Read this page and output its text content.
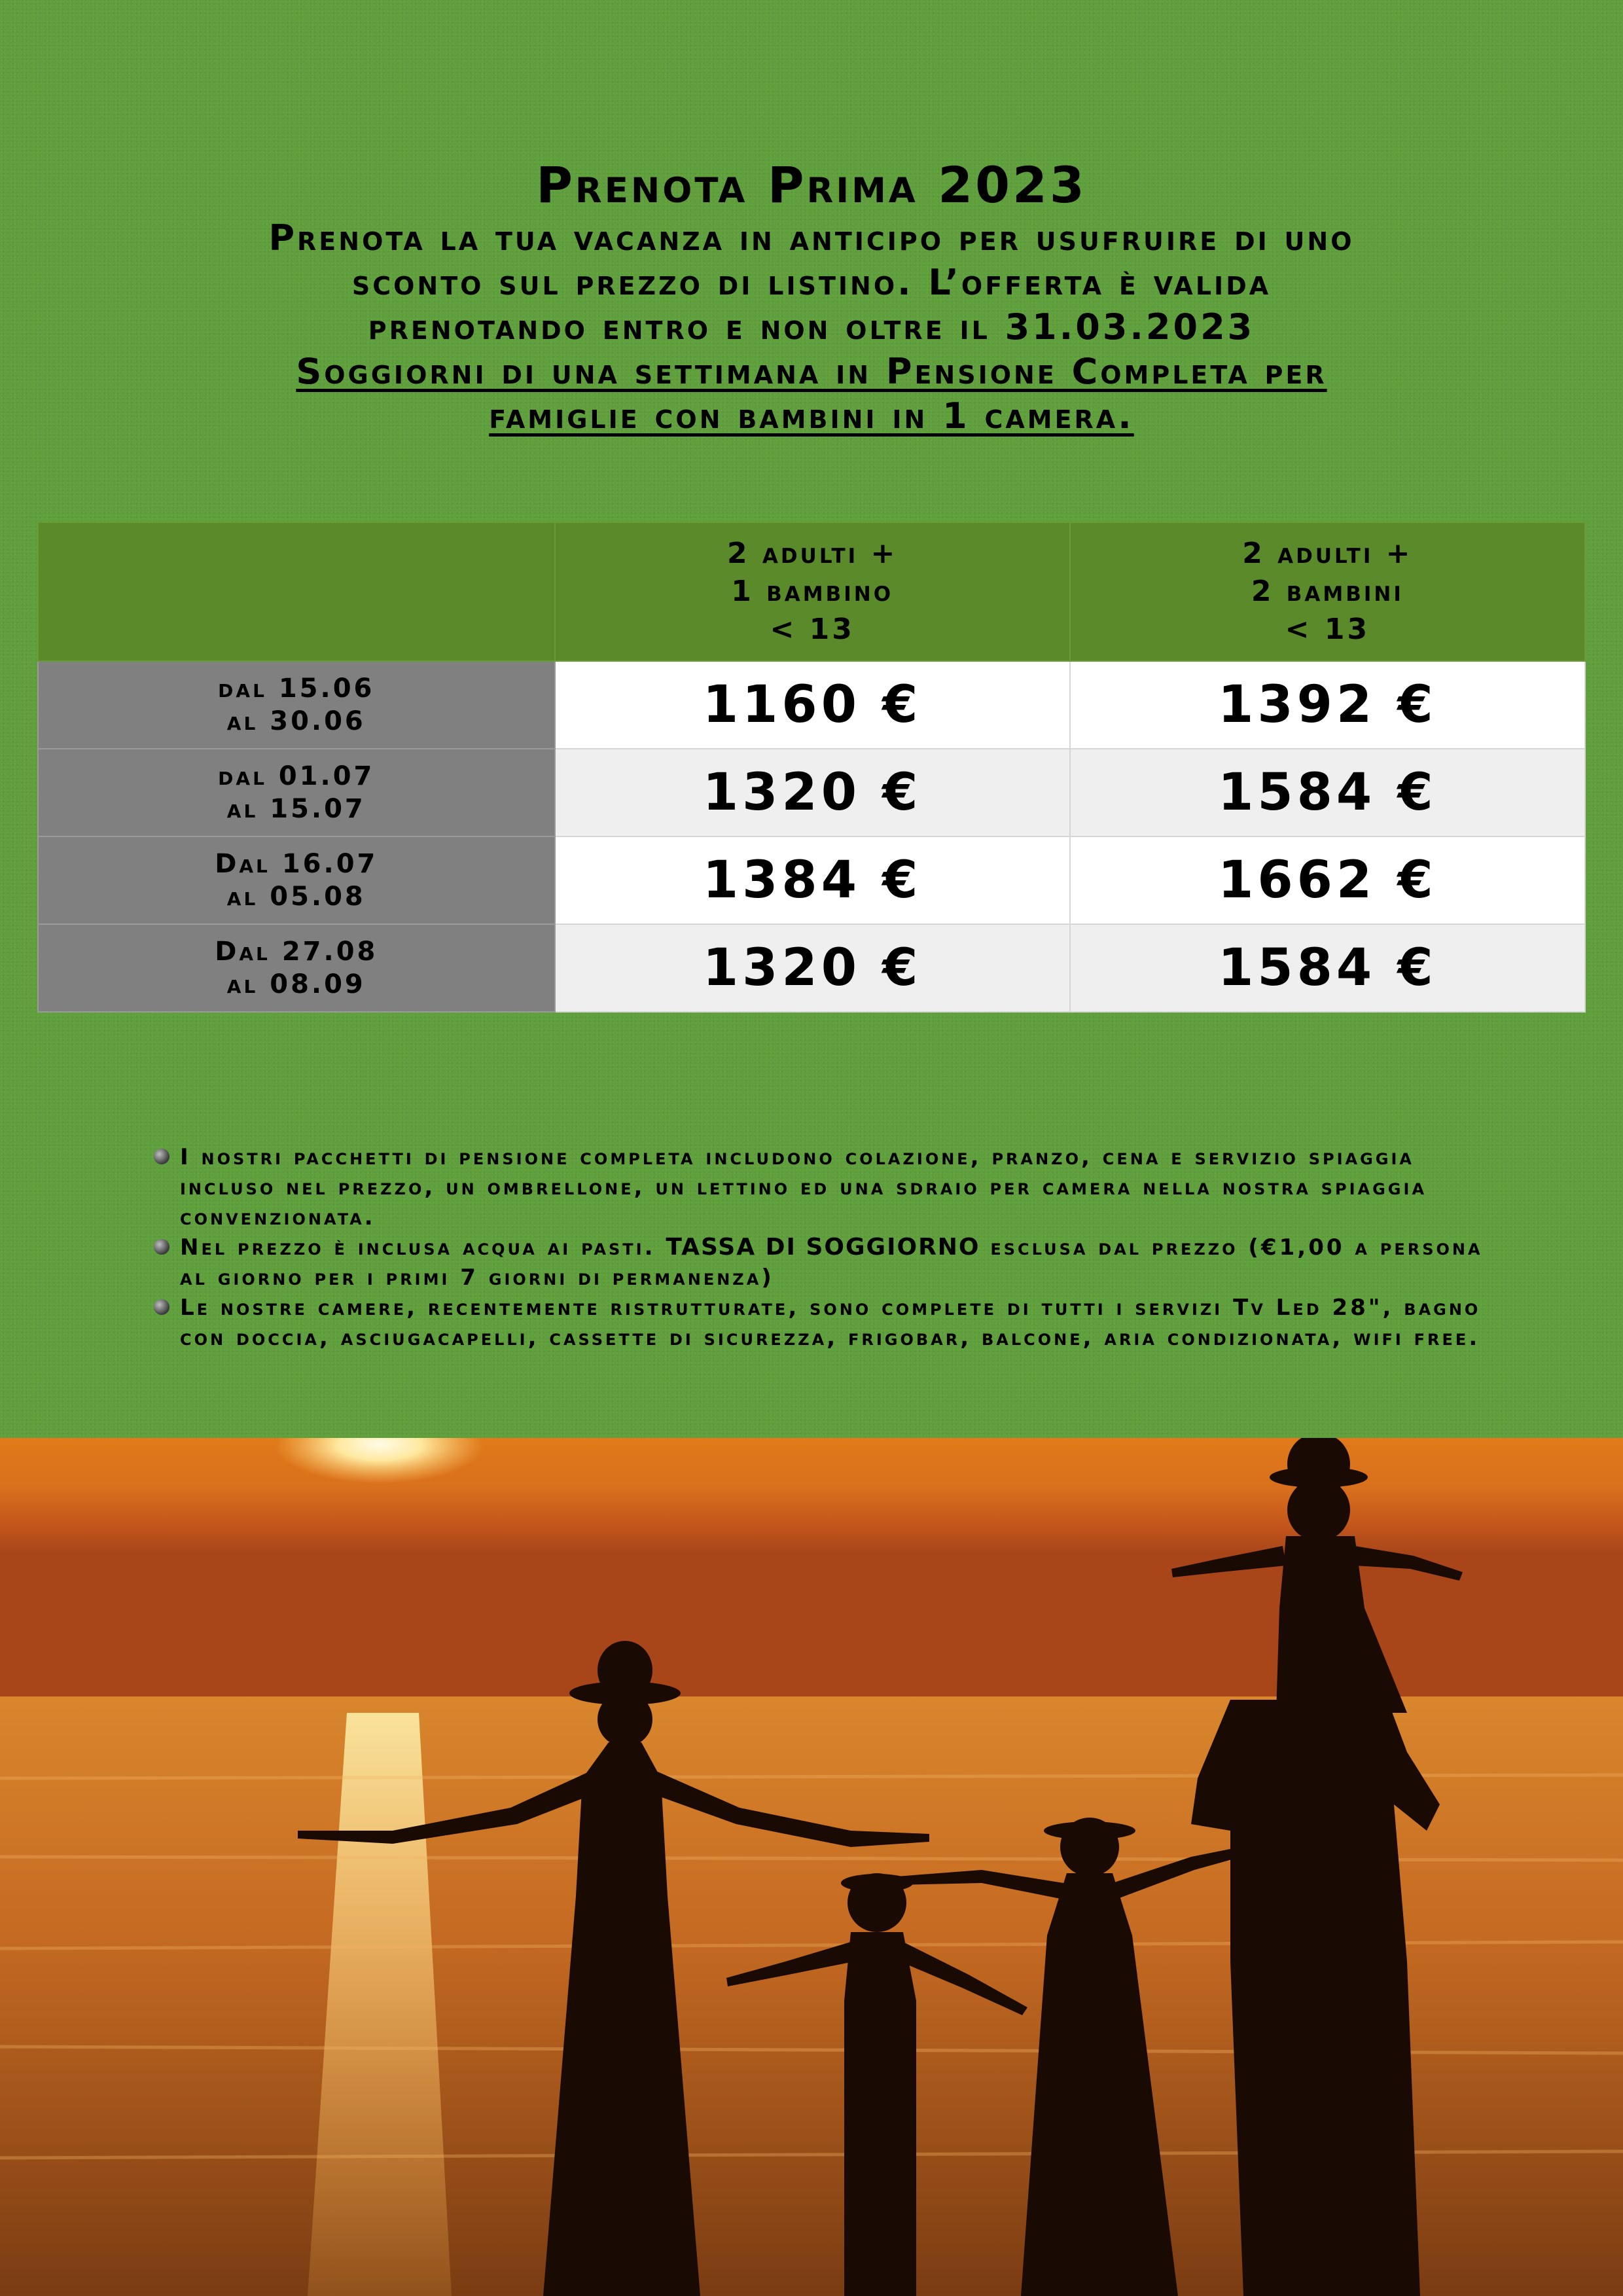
Prenota Prima 2023
Prenota la tua vacanza in anticipo per usufruire di uno
sconto sul prezzo di listino. L’offerta è valida
prenotando entro e non oltre il 31.03.2023
Soggiorni di una settimana in Pensione Completa per
famiglie con bambini in 1 camera.

	2 adulti +
1 bambino
< 13	2 adulti +
2 bambini
< 13

dal 15.06
al 30.06	1160 €	1392 €

dal 01.07
al 15.07	1320 €	1584 €

Dal 16.07
al 05.08	1384 €	1662 €

Dal 27.08
al 08.09	1320 €	1584 €
I nostri pacchetti di pensione completa includono colazione, pranzo, cena e servizio spiaggia incluso nel prezzo, un ombrellone, un lettino ed una sdraio per camera nella nostra spiaggia convenzionata.
Nel prezzo è inclusa acqua ai pasti. TASSA DI SOGGIORNO esclusa dal prezzo (€1,00 a persona al giorno per i primi 7 giorni di permanenza)
Le nostre camere, recentemente ristrutturate, sono complete di tutti i servizi Tv Led 28", bagno con doccia, asciugacapelli, cassette di sicurezza, frigobar, balcone, aria condizionata, wifi free.
